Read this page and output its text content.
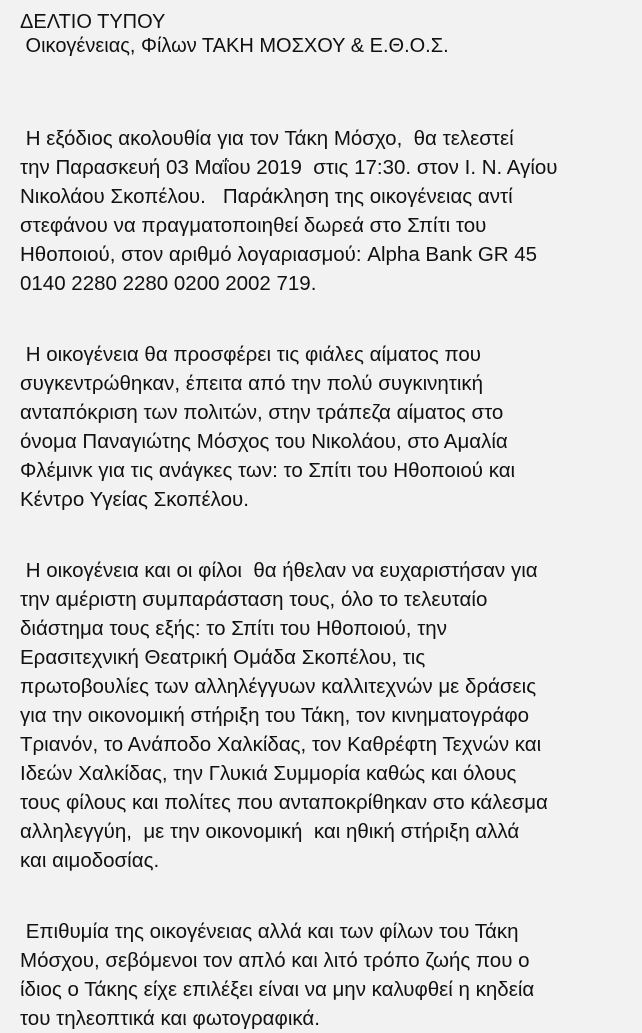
ΔΕΛΤΙΟ ΤΥΠΟΥ
Οικογένειας, Φίλων ΤΑΚΗ ΜΟΣΧΟΥ & Ε.Θ.Ο.Σ.
Η εξόδιος ακολουθία για τον Τάκη Μόσχο,  θα τελεστεί
την Παρασκευή 03 Μαΐου 2019  στις 17:30. στον Ι. Ν. Αγίου
Νικολάου Σκοπέλου.   Παράκληση της οικογένειας αντί
στεφάνου να πραγματοποιηθεί δωρεά στο Σπίτι του
Ηθοποιού, στον αριθμό λογαριασμού: Alpha Bank GR 45
0140 2280 2280 0200 2002 719.
Η οικογένεια θα προσφέρει τις φιάλες αίματος που
συγκεντρώθηκαν, έπειτα από την πολύ συγκινητική
ανταπόκριση των πολιτών, στην τράπεζα αίματος στο
όνομα Παναγιώτης Μόσχος του Νικολάου, στο Αμαλία
Φλέμινκ για τις ανάγκες των: το Σπίτι του Ηθοποιού και
Κέντρο Υγείας Σκοπέλου.
Η οικογένεια και οι φίλοι  θα ήθελαν να ευχαριστήσαν για
την αμέριστη συμπαράσταση τους, όλο το τελευταίο
διάστημα τους εξής: το Σπίτι του Ηθοποιού, την
Ερασιτεχνική Θεατρική Ομάδα Σκοπέλου, τις
πρωτοβουλίες των αλληλέγγυων καλλιτεχνών με δράσεις
για την οικονομική στήριξη του Τάκη, τον κινηματογράφο
Τριανόν, το Ανάποδο Χαλκίδας, τον Καθρέφτη Τεχνών και
Ιδεών Χαλκίδας, την Γλυκιά Συμμορία καθώς και όλους
τους φίλους και πολίτες που ανταποκρίθηκαν στο κάλεσμα
αλληλεγγύη,  με την οικονομική  και ηθική στήριξη αλλά
και αιμοδοσίας.
Επιθυμία της οικογένειας αλλά και των φίλων του Τάκη
Μόσχου, σεβόμενοι τον απλό και λιτό τρόπο ζωής που ο
ίδιος ο Τάκης είχε επιλέξει είναι να μην καλυφθεί η κηδεία
του τηλεοπτικά και φωτογραφικά.
